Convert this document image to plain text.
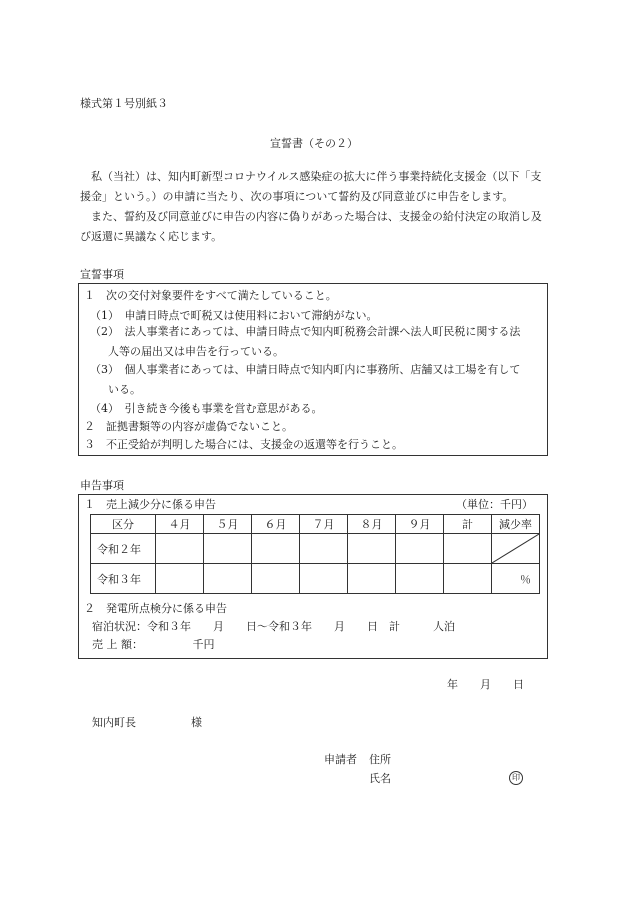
様式第１号別紙３
宣誓書（その２）

　私（当社）は、知内町新型コロナウイルス感染症の拡大に伴う事業持続化支援金（以下「支援金」という。）の申請に当たり、次の事項について誓約及び同意並びに申告をします。

　また、誓約及び同意並びに申告の内容に偽りがあった場合は、支援金の給付決定の取消し及び返還に異議なく応じます。

宣誓事項
１　次の交付対象要件をすべて満たしていること。
（1）　申請日時点で町税又は使用料において滞納がない。
（2）　法人事業者にあっては、申請日時点で知内町税務会計課へ法人町民税に関する法
人等の届出又は申告を行っている。
（3）　個人事業者にあっては、申請日時点で知内町内に事務所、店舗又は工場を有して
いる。
（4）　引き続き今後も事業を営む意思がある。
２　証拠書類等の内容が虚偽でないこと。
３　不正受給が判明した場合には、支援金の返還等を行うこと。
申告事項
１　売上減少分に係る申告	（単位：千円）
区分	４月	５月	６月	７月	８月	９月	計	減少率
令和２年								

令和３年								％
２　発電所点検分に係る申告
宿泊状況：令和３年　　月　　日～令和３年　　月　　日　計　　　人泊
売 上 額：　　　　　千円
年　　月　　日
知内町長　　　　　様
申請者 住所
氏名	印
